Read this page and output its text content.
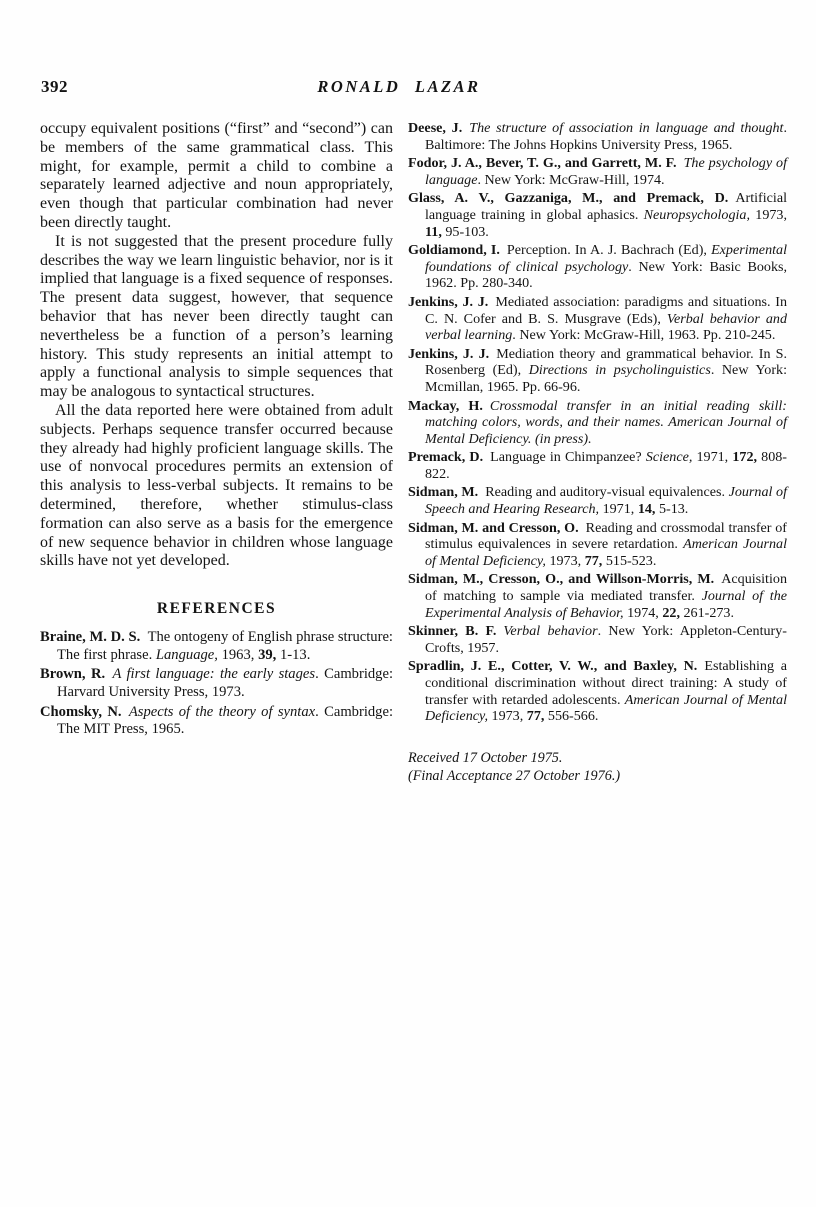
392	RONALD LAZAR

occupy equivalent positions (“first” and “second”) can be members of the same grammatical class. This might, for example, permit a child to combine a separately learned adjective and noun appropriately, even though that particular combination had never been directly taught.

It is not suggested that the present procedure fully describes the way we learn linguistic behavior, nor is it implied that language is a fixed sequence of responses. The present data suggest, however, that sequence behavior that has never been directly taught can nevertheless be a function of a person’s learning history. This study represents an initial attempt to apply a functional analysis to simple sequences that may be analogous to syntactical structures.

All the data reported here were obtained from adult subjects. Perhaps sequence transfer occurred because they already had highly proficient language skills. The use of nonvocal procedures permits an extension of this analysis to less-verbal subjects. It remains to be determined, therefore, whether stimulus-class formation can also serve as a basis for the emergence of new sequence behavior in children whose language skills have not yet developed.

REFERENCES

Braine, M. D. S. The ontogeny of English phrase structure: The first phrase. Language, 1963, 39, 1-13.

Brown, R.  A first language: the early stages. Cambridge: Harvard University Press, 1973.

Chomsky, N.  Aspects of the theory of syntax. Cambridge: The MIT Press, 1965.

Deese, J.  The structure of association in language and thought. Baltimore: The Johns Hopkins University Press, 1965.

Fodor, J. A., Bever, T. G., and Garrett, M. F.  The psychology of language. New York: McGraw-Hill, 1974.

Glass, A. V., Gazzaniga, M., and Premack, D. Artificial language training in global aphasics. Neuropsychologia, 1973, 11, 95-103.

Goldiamond, I. Perception. In A. J. Bachrach (Ed), Experimental foundations of clinical psychology. New York: Basic Books, 1962. Pp. 280-340.

Jenkins, J. J. Mediated association: paradigms and situations. In C. N. Cofer and B. S. Musgrave (Eds), Verbal behavior and verbal learning. New York: McGraw-Hill, 1963. Pp. 210-245.

Jenkins, J. J. Mediation theory and grammatical behavior. In S. Rosenberg (Ed), Directions in psycholinguistics. New York: Mcmillan, 1965. Pp. 66-96.

Mackay, H.  Crossmodal transfer in an initial reading skill: matching colors, words, and their names. American Journal of Mental Deficiency. (in press).

Premack, D. Language in Chimpanzee? Science, 1971, 172, 808-822.

Sidman, M. Reading and auditory-visual equivalences. Journal of Speech and Hearing Research, 1971, 14, 5-13.

Sidman, M. and Cresson, O. Reading and crossmodal transfer of stimulus equivalences in severe retardation. American Journal of Mental Deficiency, 1973, 77, 515-523.

Sidman, M., Cresson, O., and Willson-Morris, M. Acquisition of matching to sample via mediated transfer. Journal of the Experimental Analysis of Behavior, 1974, 22, 261-273.

Skinner, B. F.  Verbal behavior. New York: Appleton-Century-Crofts, 1957.

Spradlin, J. E., Cotter, V. W., and Baxley, N. Establishing a conditional discrimination without direct training: A study of transfer with retarded adolescents. American Journal of Mental Deficiency, 1973, 77, 556-566.

Received 17 October 1975.

(Final Acceptance 27 October 1976.)
